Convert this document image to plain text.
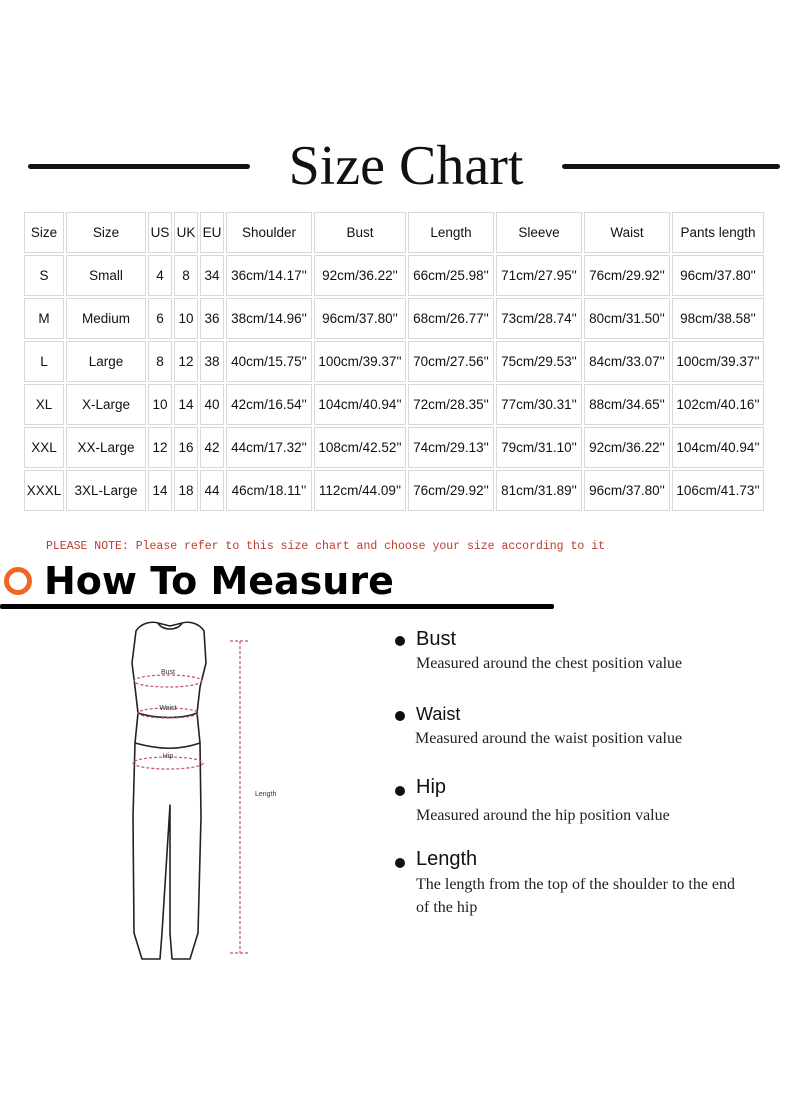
Size Chart
Size	Size	US	UK	EU	Shoulder	Bust	Length	Sleeve	Waist	Pants length
S	Small	4	8	34	36cm/14.17''	92cm/36.22''	66cm/25.98''	71cm/27.95''	76cm/29.92''	96cm/37.80''
M	Medium	6	10	36	38cm/14.96''	96cm/37.80''	68cm/26.77''	73cm/28.74''	80cm/31.50''	98cm/38.58''
L	Large	8	12	38	40cm/15.75''	100cm/39.37''	70cm/27.56''	75cm/29.53''	84cm/33.07''	100cm/39.37''
XL	X-Large	10	14	40	42cm/16.54''	104cm/40.94''	72cm/28.35''	77cm/30.31''	88cm/34.65''	102cm/40.16''
XXL	XX-Large	12	16	42	44cm/17.32''	108cm/42.52''	74cm/29.13''	79cm/31.10''	92cm/36.22''	104cm/40.94''
XXXL	3XL-Large	14	18	44	46cm/18.11''	112cm/44.09''	76cm/29.92''	81cm/31.89''	96cm/37.80''	106cm/41.73''
PLEASE NOTE: Please refer to this size chart and choose your size according to it
How To Measure
Bust
Waist
Hip
Length
Bust
Measured around the chest position value
Waist
Measured around the waist position value
Hip
Measured around the hip position value
Length
The length from the top of the shoulder to the end of the hip
